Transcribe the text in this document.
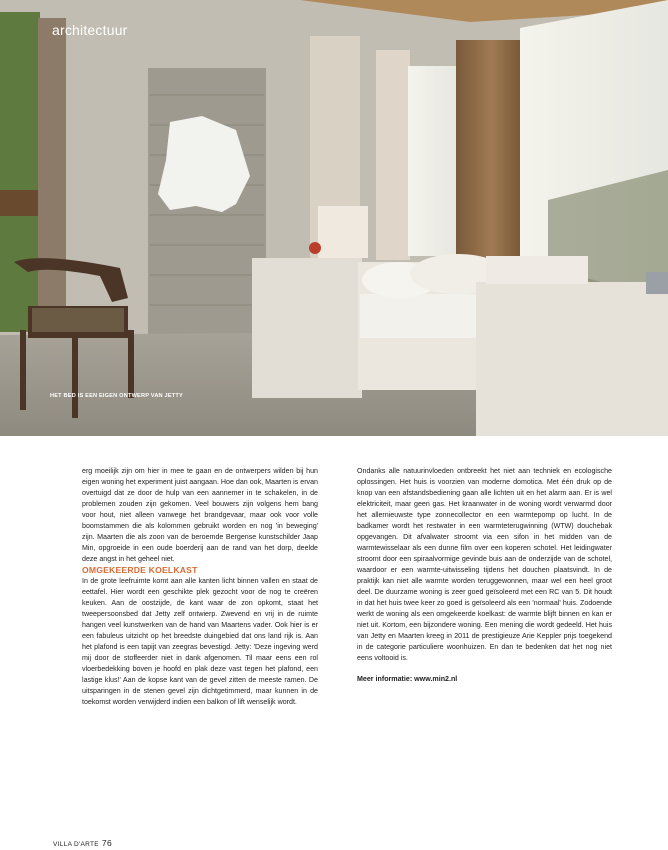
architectuur
HET BED IS EEN EIGEN ONTWERP VAN JETTY

erg moeilijk zijn om hier in mee te gaan en de ontwerpers wilden bij hun eigen woning het experiment juist aangaan. Hoe dan ook, Maarten is ervan overtuigd dat ze door de hulp van een aannemer in te schakelen, in de problemen zouden zijn gekomen. Veel bouwers zijn volgens hem bang voor hout, niet alleen vanwege het brandgevaar, maar ook voor volle boomstammen die als kolommen gebruikt worden en nog 'in beweging' zijn. Maarten die als zoon van de beroemde Bergense kunstschilder Jaap Min, opgroeide in een oude boerderij aan de rand van het dorp, deelde deze angst in het geheel niet.

OMGEKEERDE KOELKAST

In de grote leefruimte komt aan alle kanten licht binnen vallen en staat de eettafel. Hier wordt een geschikte plek gezocht voor de nog te creëren keuken. Aan de oostzijde, de kant waar de zon opkomt, staat het tweepersoonsbed dat Jetty zelf ontwierp. Zwevend en vrij in de ruimte hangen veel kunstwerken van de hand van Maartens vader. Ook hier is er een fabuleus uitzicht op het breedste duingebied dat ons land rijk is. Aan het plafond is een tapijt van zeegras bevestigd. Jetty: 'Deze ingeving werd mij door de stoffeerder niet in dank afgenomen. Til maar eens een rol vloerbedekking boven je hoofd en plak deze vast tegen het plafond, een lastige klus!' Aan de kopse kant van de gevel zitten de meeste ramen. De uitsparingen in de stenen gevel zijn dichtgetimmerd, maar kunnen in de toekomst worden verwijderd indien een balkon of lift wenselijk wordt.

Ondanks alle natuurinvloeden ontbreekt het niet aan techniek en ecologische oplossingen. Het huis is voorzien van moderne domotica. Met één druk op de knop van een afstandsbediening gaan alle lichten uit en het alarm aan. Er is wel elektriciteit, maar geen gas. Het kraanwater in de woning wordt verwarmd door het allernieuwste type zonnecollector en een warmtepomp op lucht. In de badkamer wordt het restwater in een warmteterugwinning (WTW) douchebak opgevangen. Dit afvalwater stroomt via een sifon in het midden van de warmtewisselaar als een dunne film over een koperen schotel. Het leidingwater stroomt door een spiraalvormige gevinde buis aan de onderzijde van de schotel, waardoor er een warmte-uitwisseling tijdens het douchen plaatsvindt. In de praktijk kan niet alle warmte worden teruggewonnen, maar wel een heel groot deel. De duurzame woning is zeer goed geïsoleerd met een RC van 5. Dit houdt in dat het huis twee keer zo goed is geïsoleerd als een 'normaal' huis. Zodoende werkt de woning als een omgekeerde koelkast: de warmte blijft binnen en kan er niet uit. Kortom, een bijzondere woning. Een mening die wordt gedeeld. Het huis van Jetty en Maarten kreeg in 2011 de prestigieuze Arie Keppler prijs toegekend in de categorie particuliere woonhuizen. En dan te bedenken dat het nog niet eens voltooid is.

Meer informatie: www.min2.nl

VILLA D'ARTE 76
